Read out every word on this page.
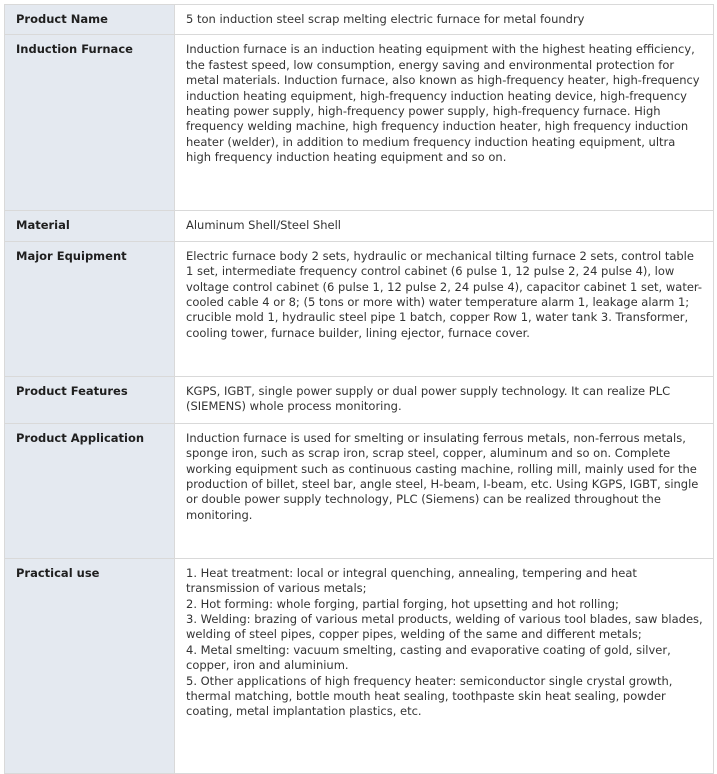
Product Name	5 ton induction steel scrap melting electric furnace for metal foundry
Induction Furnace	Induction furnace is an induction heating equipment with the highest heating efficiency, the fastest speed, low consumption, energy saving and environmental protection for metal materials. Induction furnace, also known as high-frequency heater, high-frequency induction heating equipment, high-frequency induction heating device, high-frequency heating power supply, high-frequency power supply, high-frequency furnace. High frequency welding machine, high frequency induction heater, high frequency induction heater (welder), in addition to medium frequency induction heating equipment, ultra high frequency induction heating equipment and so on.
Material	Aluminum Shell/Steel Shell
Major Equipment	Electric furnace body 2 sets, hydraulic or mechanical tilting furnace 2 sets, control table 1 set, intermediate frequency control cabinet (6 pulse 1, 12 pulse 2, 24 pulse 4), low voltage control cabinet (6 pulse 1, 12 pulse 2, 24 pulse 4), capacitor cabinet 1 set, water-cooled cable 4 or 8; (5 tons or more with) water temperature alarm 1, leakage alarm 1; crucible mold 1, hydraulic steel pipe 1 batch, copper Row 1, water tank 3. Transformer, cooling tower, furnace builder, lining ejector, furnace cover.
Product Features	KGPS, IGBT, single power supply or dual power supply technology. It can realize PLC (SIEMENS) whole process monitoring.
Product Application	Induction furnace is used for smelting or insulating ferrous metals, non-ferrous metals, sponge iron, such as scrap iron, scrap steel, copper, aluminum and so on. Complete working equipment such as continuous casting machine, rolling mill, mainly used for the production of billet, steel bar, angle steel, H-beam, I-beam, etc. Using KGPS, IGBT, single or double power supply technology, PLC (Siemens) can be realized throughout the monitoring.
Practical use	1. Heat treatment: local or integral quenching, annealing, tempering and heat transmission of various metals;
2. Hot forming: whole forging, partial forging, hot upsetting and hot rolling;
3. Welding: brazing of various metal products, welding of various tool blades, saw blades, welding of steel pipes, copper pipes, welding of the same and different metals;
4. Metal smelting: vacuum smelting, casting and evaporative coating of gold, silver, copper, iron and aluminium.
5. Other applications of high frequency heater: semiconductor single crystal growth, thermal matching, bottle mouth heat sealing, toothpaste skin heat sealing, powder coating, metal implantation plastics, etc.
